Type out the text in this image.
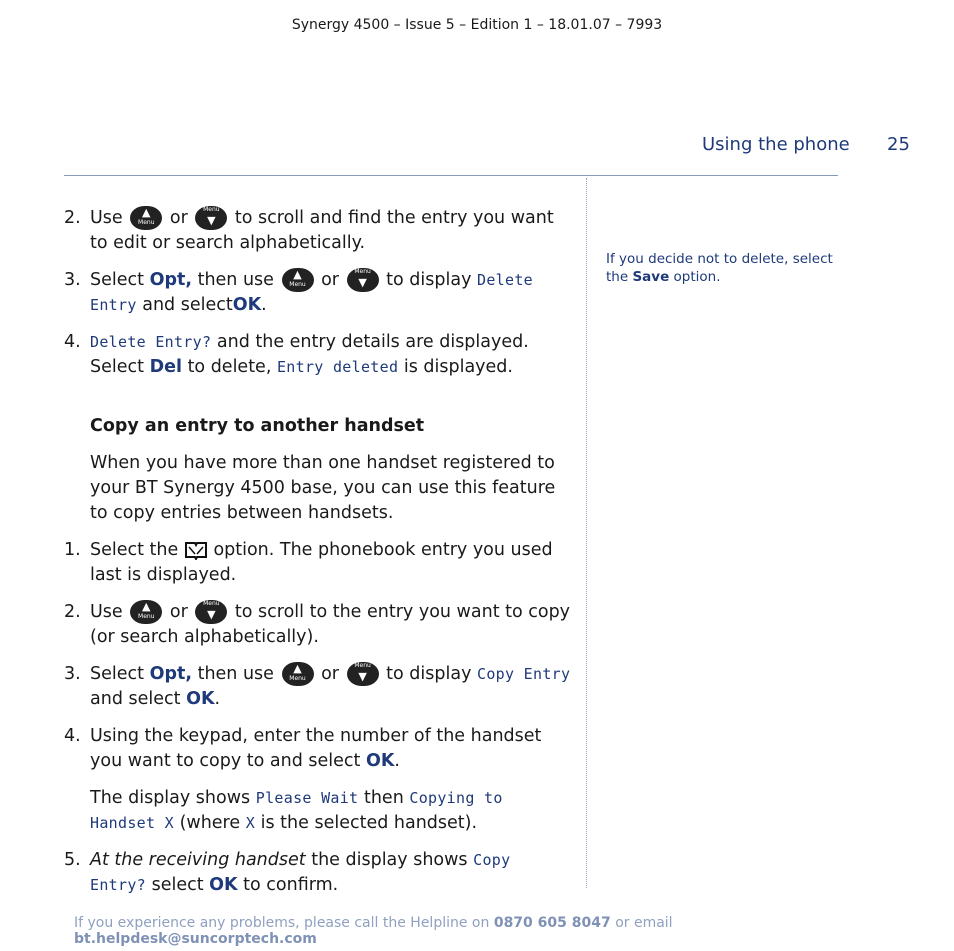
Synergy 4500 – Issue 5 – Edition 1 – 18.01.07 – 7993
Using the phone 25
2. Use	▲
Menu or	Menu
▼	to scroll and find the entry you want to edit or search alphabetically.
3. Select Opt, then use	▲
Menu or	Menu
▼	to display Delete Entry and selectOK.
4. Delete Entry? and the entry details are displayed. Select Del to delete, Entry deleted is displayed.
Copy an entry to another handset
When you have more than one handset registered to your BT Synergy 4500 base, you can use this feature to copy entries between handsets.
1. Select the option. The phonebook entry you used last is displayed.
2. Use	▲
Menu or	Menu
▼	to scroll to the entry you want to copy (or search alphabetically).
3. Select Opt, then use	▲
Menu or	Menu
▼	to display Copy Entry and select OK.
4. Using the keypad, enter the number of the handset you want to copy to and select OK.
The display shows Please Wait then Copying to Handset X (where X is the selected handset).
5. At the receiving handset the display shows Copy Entry? select OK to confirm.
If you decide not to delete, select the Save option.
If you experience any problems, please call the Helpline on 0870 605 8047 or email bt.helpdesk@suncorptech.com
